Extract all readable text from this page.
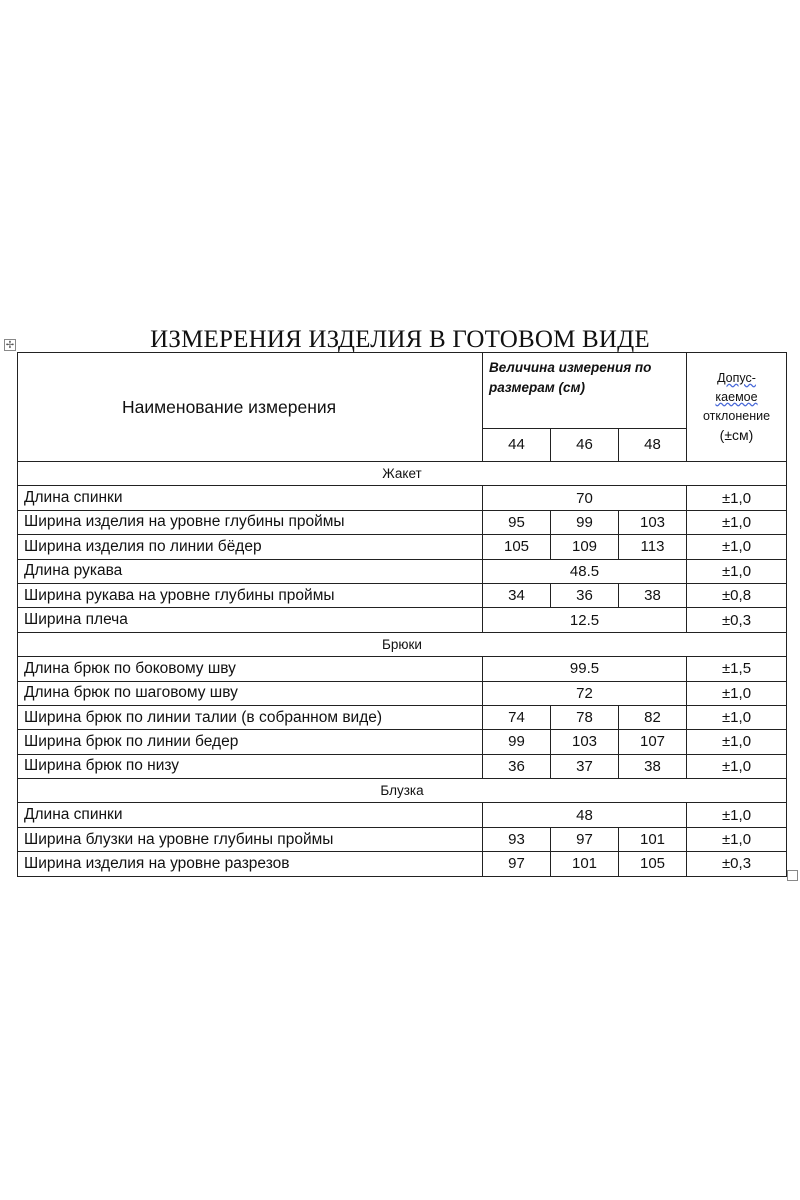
ИЗМЕРЕНИЯ ИЗДЕЛИЯ В ГОТОВОМ ВИДЕ
✢
Наименование измерения	Величина измерения по размерам (см)			Допус-
каемое
отклонение
(±см)
	44	46	48	
Жакет				
Длина спинки	70			±1,0
Ширина изделия на уровне глубины проймы	95	99	103	±1,0
Ширина изделия по линии бёдер	105	109	113	±1,0
Длина рукава	48.5			±1,0
Ширина рукава на уровне глубины проймы	34	36	38	±0,8
Ширина плеча	12.5			±0,3
Брюки				
Длина брюк по боковому шву	99.5			±1,5
Длина брюк по шаговому шву	72			±1,0
Ширина брюк по линии талии (в собранном виде)	74	78	82	±1,0
Ширина брюк по линии бедер	99	103	107	±1,0
Ширина брюк по низу	36	37	38	±1,0
Блузка				
Длина спинки	48			±1,0
Ширина блузки на уровне глубины проймы	93	97	101	±1,0
Ширина изделия на уровне разрезов	97	101	105	±0,3
